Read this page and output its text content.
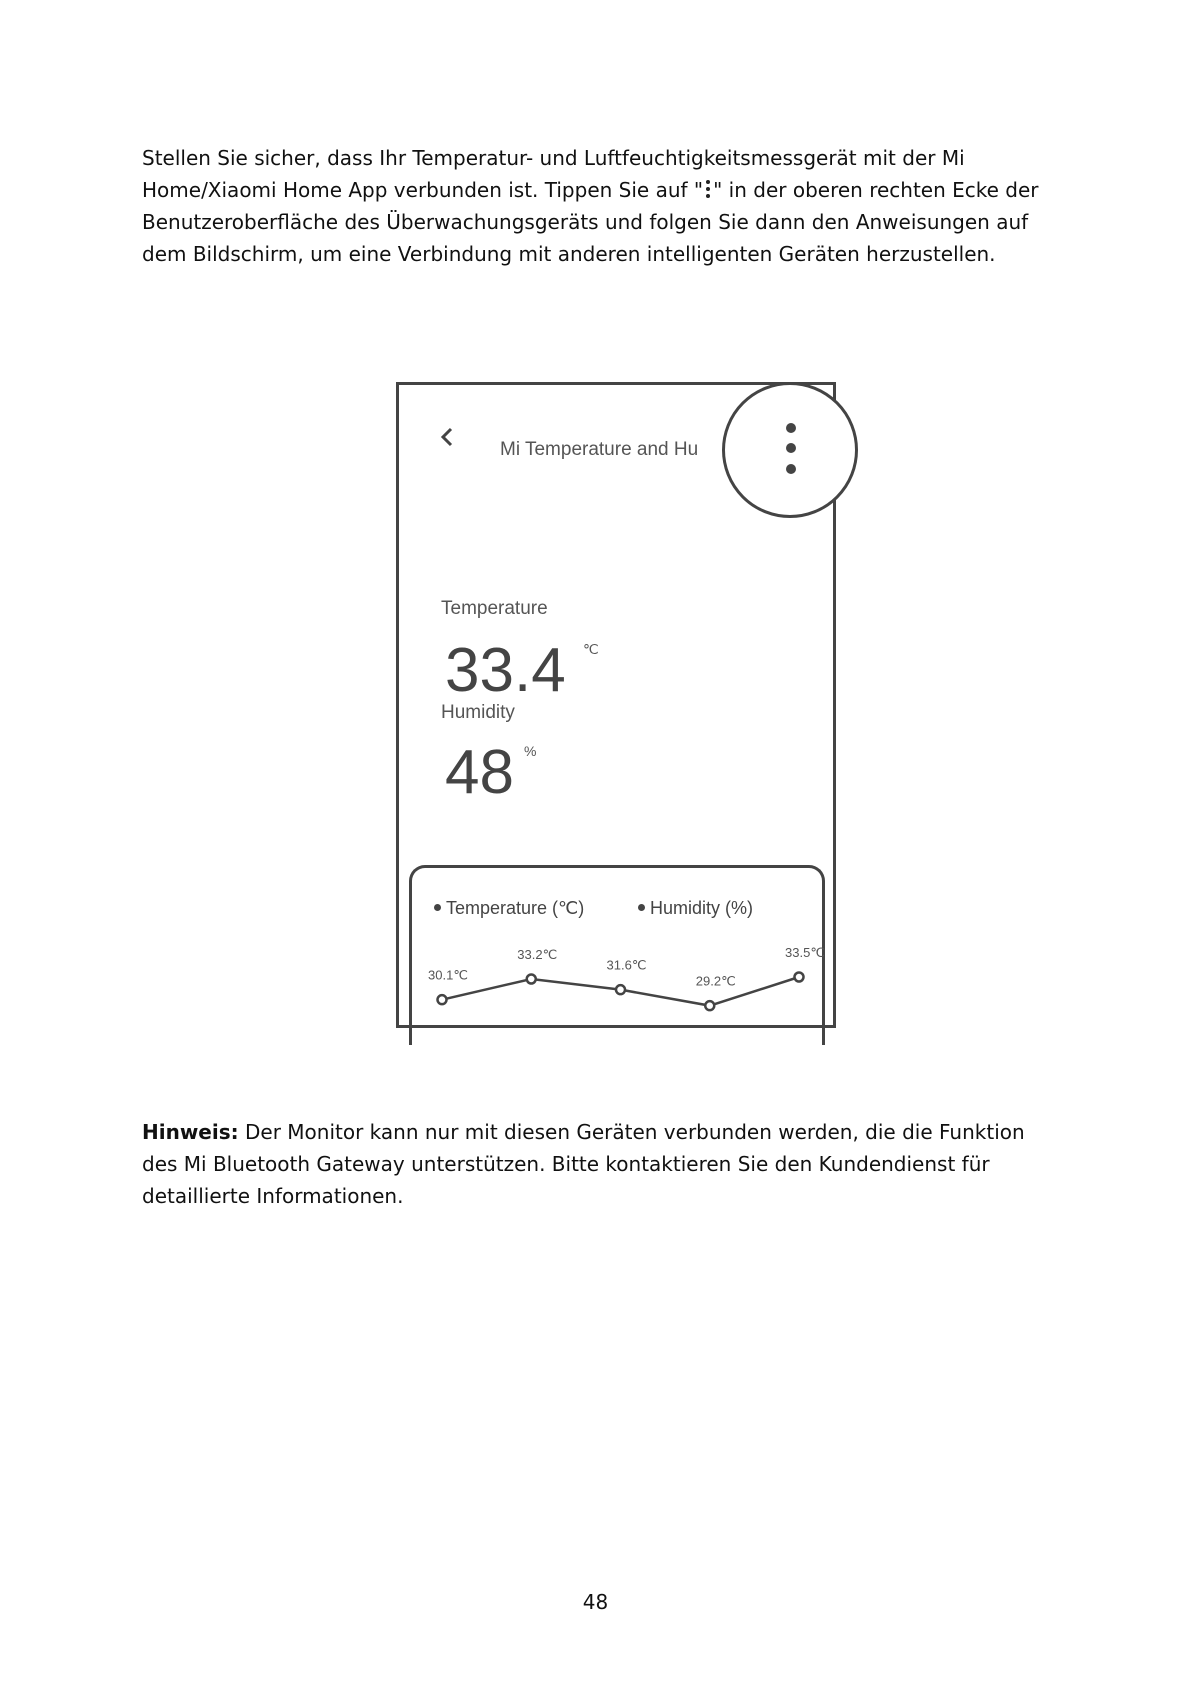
Stellen Sie sicher, dass Ihr Temperatur- und Luftfeuchtigkeitsmessgerät mit der Mi Home/Xiaomi Home App verbunden ist. Tippen Sie auf " " in der oberen rechten Ecke der Benutzeroberfläche des Überwachungsgeräts und folgen Sie dann den Anweisungen auf dem Bildschirm, um eine Verbindung mit anderen intelligenten Geräten herzustellen.

Mi Temperature and Hu

Temperature

33.4 ℃

Humidity

48 %
Temperature (℃)	Humidity (%)
30.1℃
33.2℃
31.6℃
29.2℃
33.5℃

Hinweis: Der Monitor kann nur mit diesen Geräten verbunden werden, die die Funktion des Mi Bluetooth Gateway unterstützen. Bitte kontaktieren Sie den Kundendienst für detaillierte Informationen.

48
